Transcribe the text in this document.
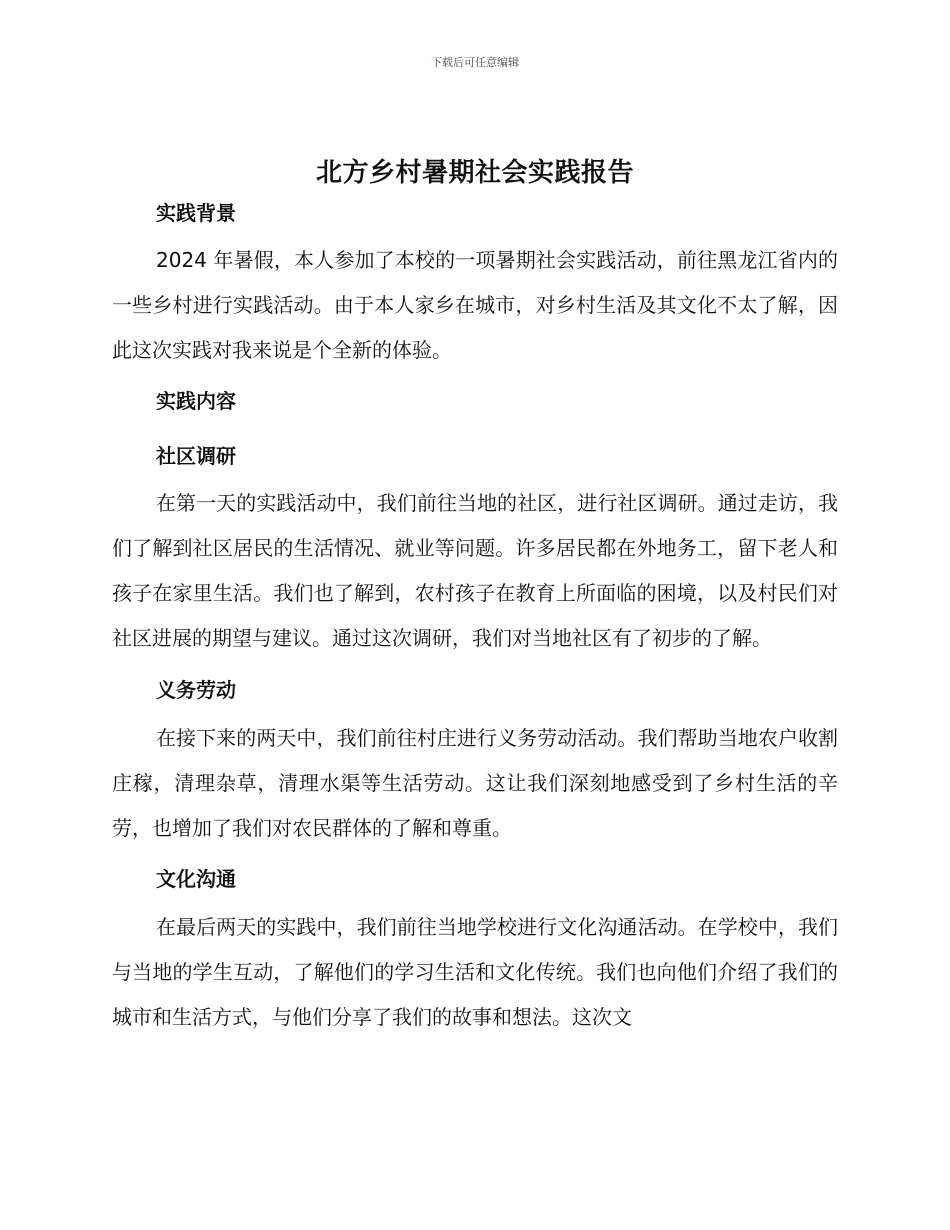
下载后可任意编辑
北方乡村暑期社会实践报告

实践背景

2024 年暑假，本人参加了本校的一项暑期社会实践活动，前往黑龙江省内的一些乡村进行实践活动。由于本人家乡在城市，对乡村生活及其文化不太了解，因此这次实践对我来说是个全新的体验。

实践内容

社区调研

在第一天的实践活动中，我们前往当地的社区，进行社区调研。通过走访，我们了解到社区居民的生活情况、就业等问题。许多居民都在外地务工，留下老人和孩子在家里生活。我们也了解到，农村孩子在教育上所面临的困境，以及村民们对社区进展的期望与建议。通过这次调研，我们对当地社区有了初步的了解。

义务劳动

在接下来的两天中，我们前往村庄进行义务劳动活动。我们帮助当地农户收割庄稼，清理杂草，清理水渠等生活劳动。这让我们深刻地感受到了乡村生活的辛劳，也增加了我们对农民群体的了解和尊重。

文化沟通

在最后两天的实践中，我们前往当地学校进行文化沟通活动。在学校中，我们与当地的学生互动，了解他们的学习生活和文化传统。我们也向他们介绍了我们的城市和生活方式，与他们分享了我们的故事和想法。这次文
